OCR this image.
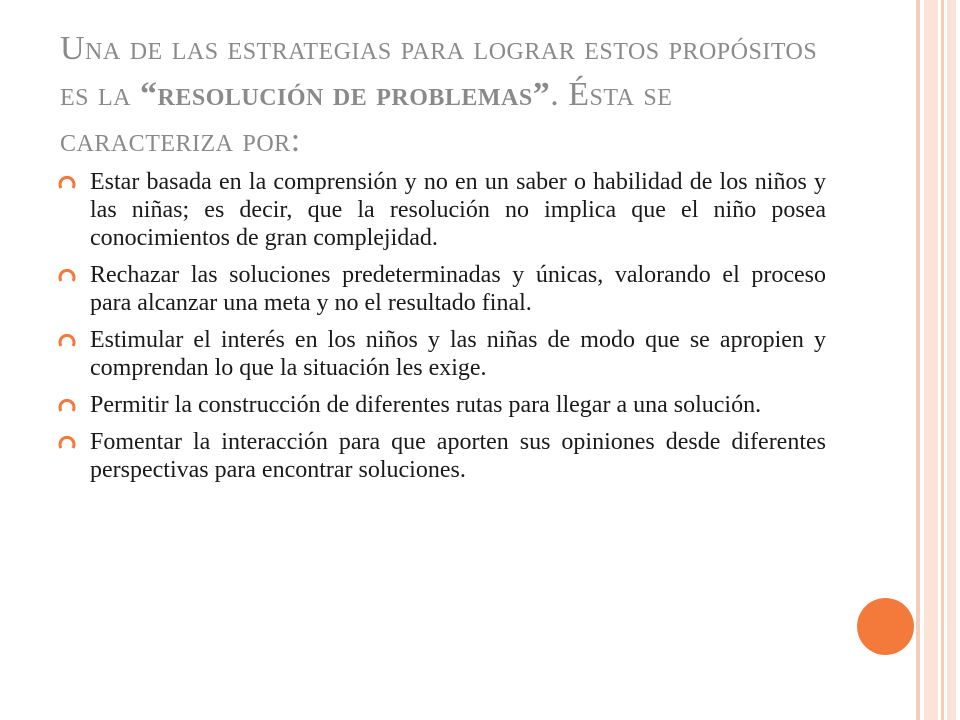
Una de las estrategias para lograr estos propósitos es la “resolución de problemas”. Ésta se caracteriza por:
Estar basada en la comprensión y no en un saber o habilidad de los niños y las niñas; es decir, que la resolución no implica que el niño posea conocimientos de gran complejidad.
Rechazar las soluciones predeterminadas y únicas, valorando el proceso para alcanzar una meta y no el resultado final.
Estimular el interés en los niños y las niñas de modo que se apropien y comprendan lo que la situación les exige.
Permitir la construcción de diferentes rutas para llegar a una solución.
Fomentar la interacción para que aporten sus opiniones desde diferentes perspectivas para encontrar soluciones.
